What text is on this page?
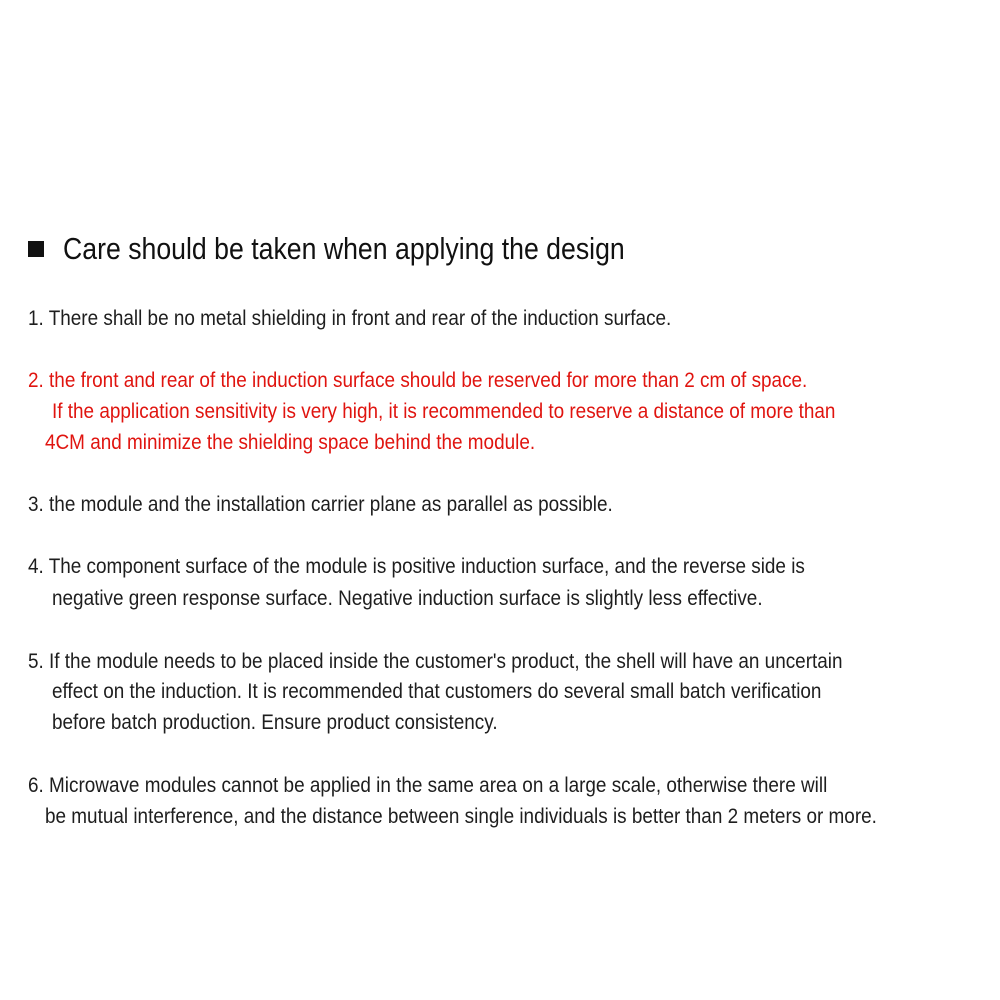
Care should be taken when applying the design
1. There shall be no metal shielding in front and rear of the induction surface.
2. the front and rear of the induction surface should be reserved for more than 2 cm of space.
If the application sensitivity is very high, it is recommended to reserve a distance of more than
4CM and minimize the shielding space behind the module.
3. the module and the installation carrier plane as parallel as possible.
4. The component surface of the module is positive induction surface, and the reverse side is
negative green response surface. Negative induction surface is slightly less effective.
5. If the module needs to be placed inside the customer's product, the shell will have an uncertain
effect on the induction. It is recommended that customers do several small batch verification
before batch production. Ensure product consistency.
6. Microwave modules cannot be applied in the same area on a large scale, otherwise there will
be mutual interference, and the distance between single individuals is better than 2 meters or more.
